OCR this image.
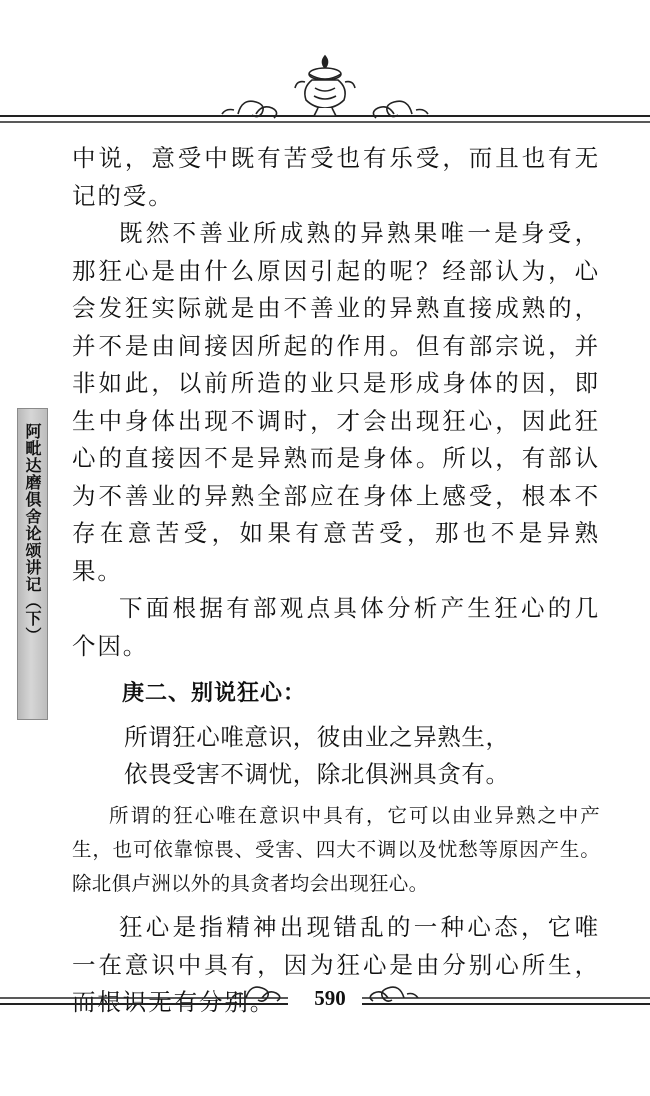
阿毗达磨俱舍论颂讲记（下）

中说，意受中既有苦受也有乐受，而且也有无记的受。

既然不善业所成熟的异熟果唯一是身受，那狂心是由什么原因引起的呢？经部认为，心会发狂实际就是由不善业的异熟直接成熟的，并不是由间接因所起的作用。但有部宗说，并非如此，以前所造的业只是形成身体的因，即生中身体出现不调时，才会出现狂心，因此狂心的直接因不是异熟而是身体。所以，有部认为不善业的异熟全部应在身体上感受，根本不存在意苦受，如果有意苦受，那也不是异熟果。

下面根据有部观点具体分析产生狂心的几个因。

庚二、别说狂心：
所谓狂心唯意识，彼由业之异熟生，
依畏受害不调忧，除北俱洲具贪有。

所谓的狂心唯在意识中具有，它可以由业异熟之中产生，也可依靠惊畏、受害、四大不调以及忧愁等原因产生。除北俱卢洲以外的具贪者均会出现狂心。

狂心是指精神出现错乱的一种心态，它唯一在意识中具有，因为狂心是由分别心所生，而根识无有分别。	590
